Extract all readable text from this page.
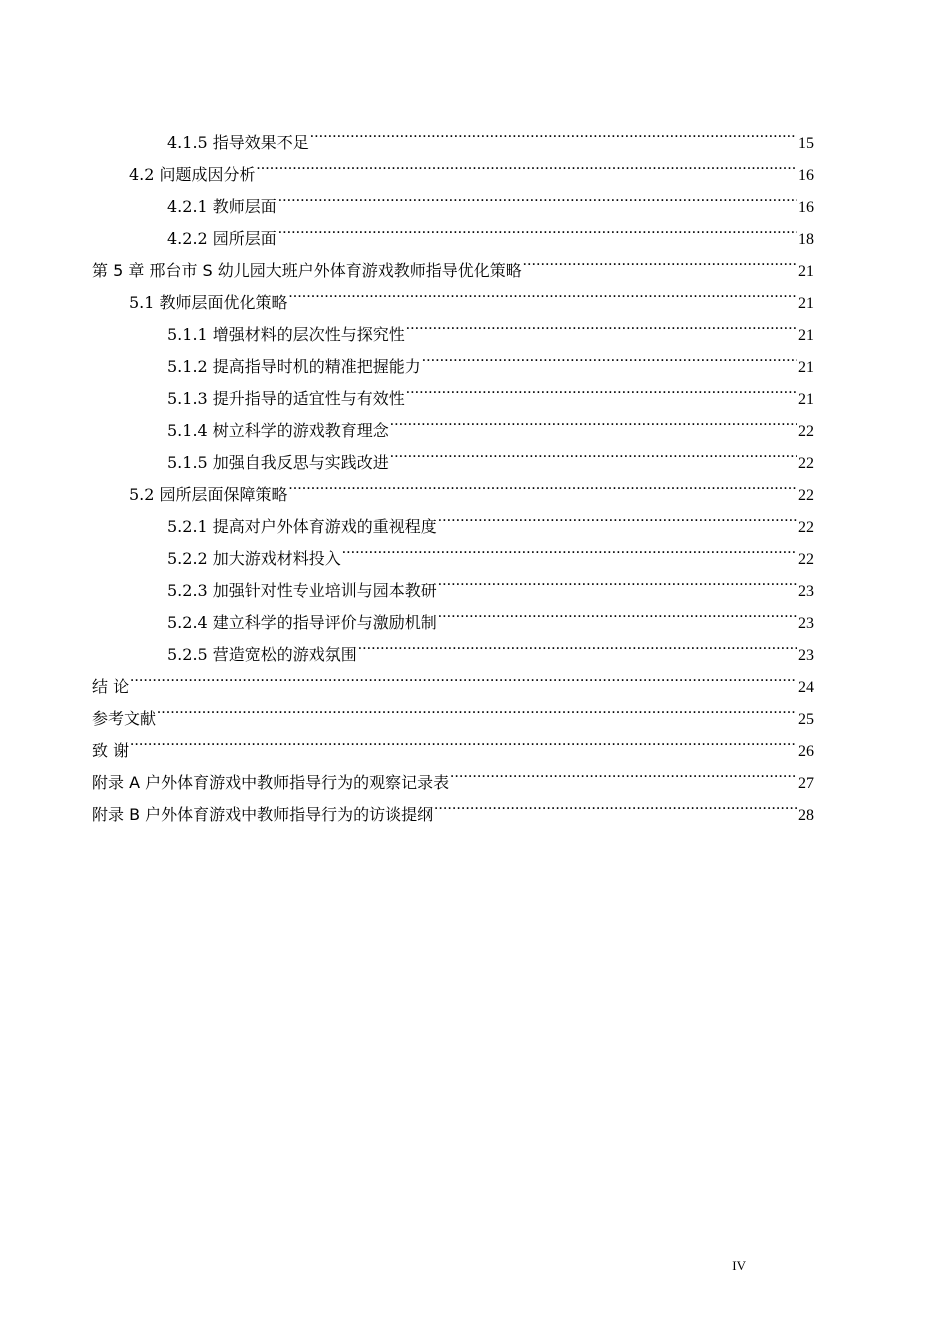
4.1.5 指导效果不足 .....	15
4.2 问题成因分析 .....	16
4.2.1 教师层面 .....	16
4.2.2 园所层面 .....	18
第 5 章 邢台市 S 幼儿园大班户外体育游戏教师指导优化策略 .....	21
5.1 教师层面优化策略 .....	21
5.1.1 增强材料的层次性与探究性 .....	21
5.1.2 提高指导时机的精准把握能力 .....	21
5.1.3 提升指导的适宜性与有效性 .....	21
5.1.4 树立科学的游戏教育理念 .....	22
5.1.5 加强自我反思与实践改进 .....	22
5.2 园所层面保障策略 .....	22
5.2.1 提高对户外体育游戏的重视程度 .....	22
5.2.2 加大游戏材料投入 .....	22
5.2.3 加强针对性专业培训与园本教研 .....	23
5.2.4 建立科学的指导评价与激励机制 .....	23
5.2.5 营造宽松的游戏氛围 .....	23
结 论 .....	24
参考文献 .....	25
致 谢 .....	26
附录 A 户外体育游戏中教师指导行为的观察记录表 .....	27
附录 B 户外体育游戏中教师指导行为的访谈提纲 .....	28
IV
